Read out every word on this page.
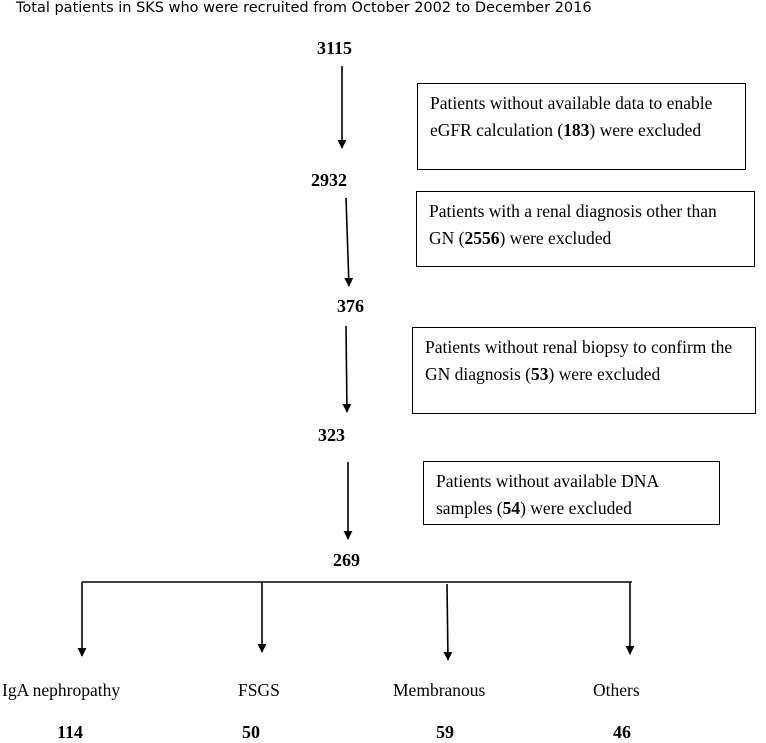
Total patients in SKS who were recruited from October 2002 to December 2016
3115
2932
376
323
269
Patients without available data to enable eGFR calculation (183) were excluded
Patients with a renal diagnosis other than GN (2556) were excluded
Patients without renal biopsy to confirm the GN diagnosis (53) were excluded
Patients without available DNA samples (54) were excluded
IgA nephropathy	FSGS	Membranous	Others
114	50	59	46
